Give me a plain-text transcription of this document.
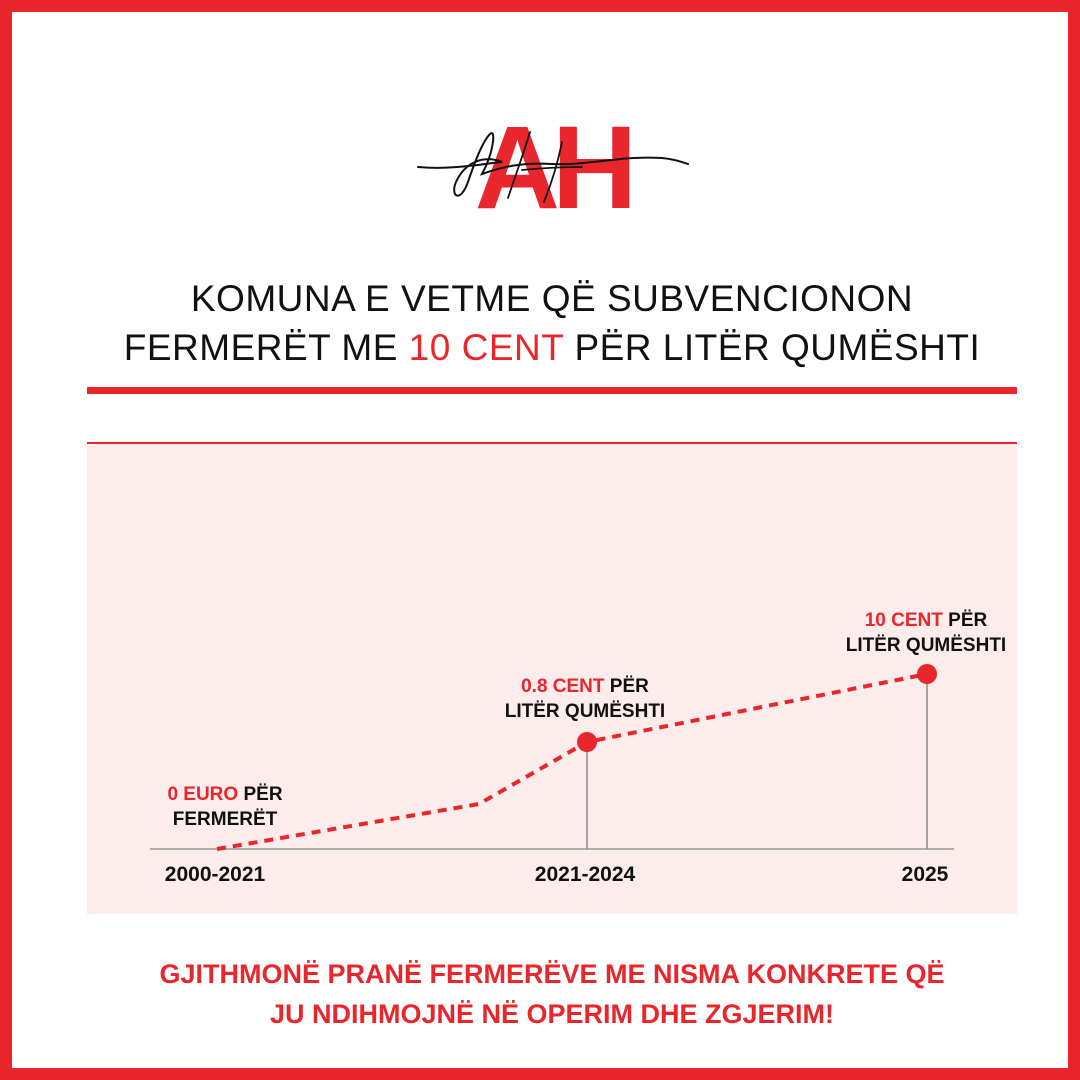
AH
KOMUNA E VETME QË SUBVENCIONON
FERMERËT ME 10 CENT PËR LITËR QUMËSHTI
2000-2021
0 EURO PËR
FERMERËT
2021-2024
0.8 CENT PËR
LITËR QUMËSHTI
2025
10 CENT PËR
LITËR QUMËSHTI
GJITHMONË PRANË FERMERËVE ME NISMA KONKRETE QË
JU NDIHMOJNË NË OPERIM DHE ZGJERIM!
